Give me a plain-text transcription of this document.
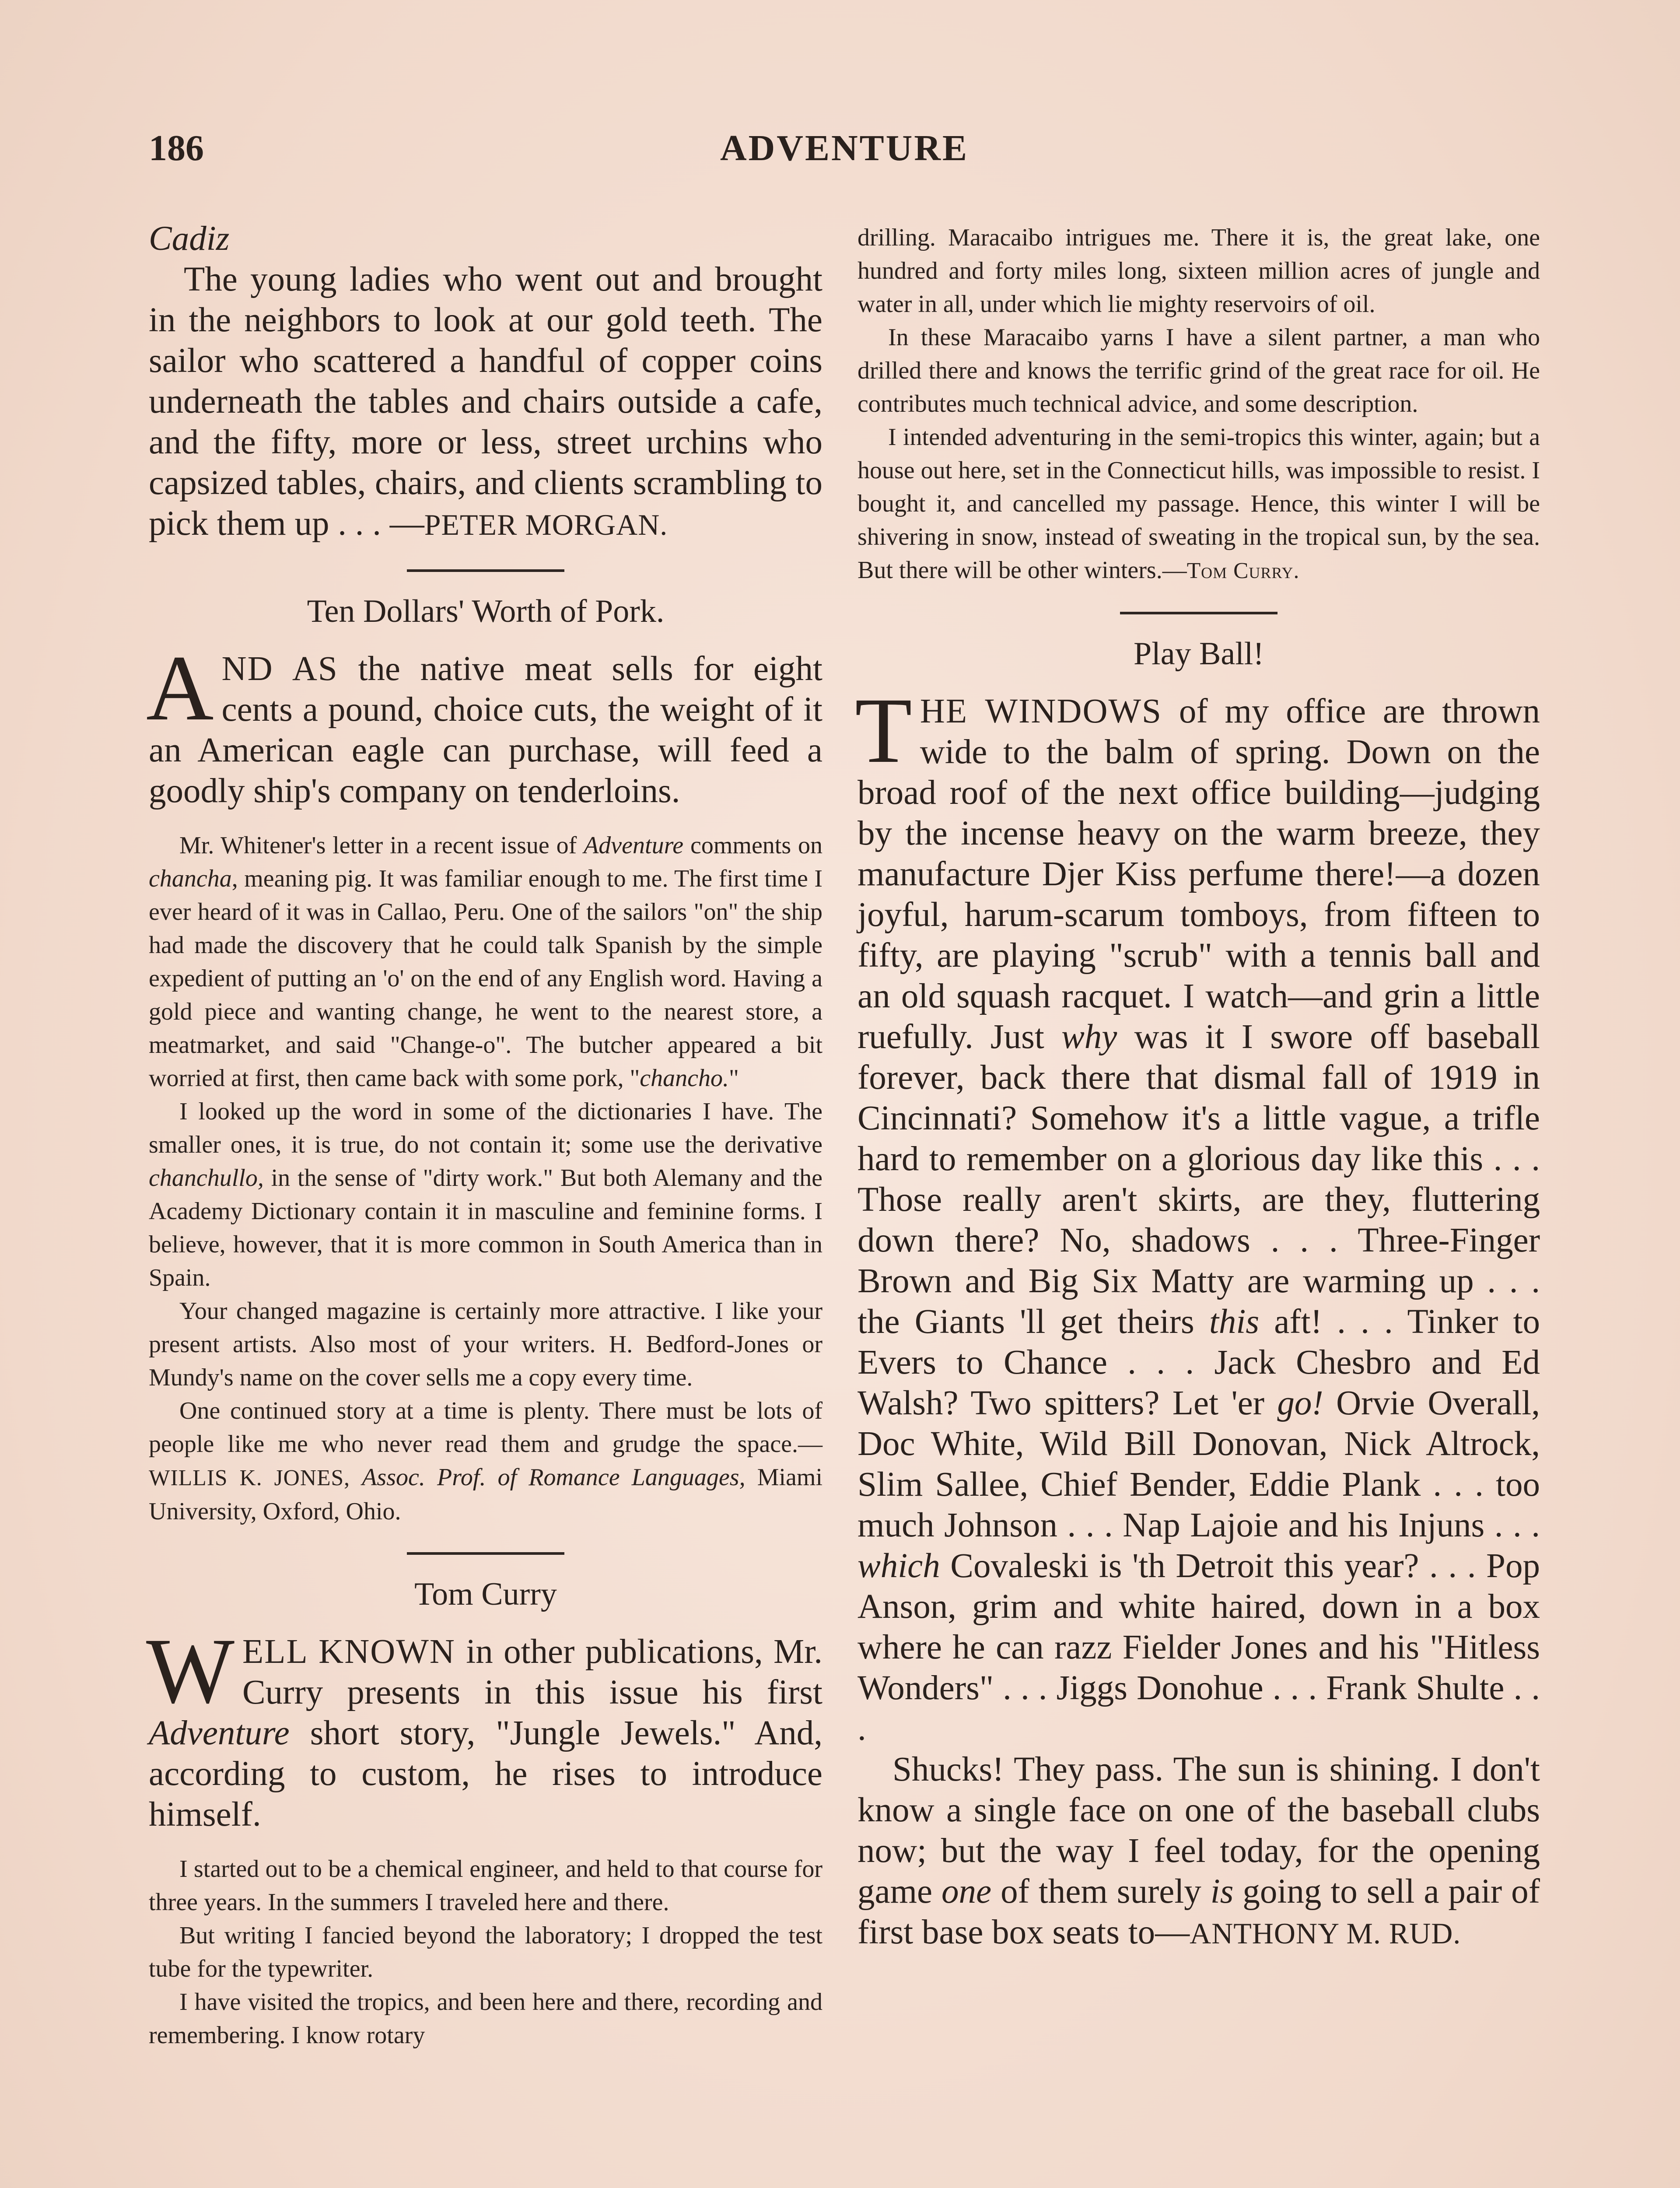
186	ADVENTURE

Cadiz

The young ladies who went out and brought in the neighbors to look at our gold teeth. The sailor who scattered a handful of copper coins underneath the tables and chairs outside a cafe, and the fifty, more or less, street urchins who capsized tables, chairs, and clients scrambling to pick them up . . . —PETER MORGAN.

Ten Dollars' Worth of Pork.

AND AS the native meat sells for eight cents a pound, choice cuts, the weight of it an American eagle can purchase, will feed a goodly ship's company on tenderloins.

Mr. Whitener's letter in a recent issue of Adventure comments on chancha, meaning pig. It was familiar enough to me. The first time I ever heard of it was in Callao, Peru. One of the sailors "on" the ship had made the discovery that he could talk Spanish by the simple expedient of putting an 'o' on the end of any English word. Having a gold piece and wanting change, he went to the nearest store, a meatmarket, and said "Change-o". The butcher appeared a bit worried at first, then came back with some pork, "chancho."

I looked up the word in some of the dictionaries I have. The smaller ones, it is true, do not contain it; some use the derivative chanchullo, in the sense of "dirty work." But both Alemany and the Academy Dictionary contain it in masculine and feminine forms. I believe, however, that it is more common in South America than in Spain.

Your changed magazine is certainly more attractive. I like your present artists. Also most of your writers. H. Bedford-Jones or Mundy's name on the cover sells me a copy every time.

One continued story at a time is plenty. There must be lots of people like me who never read them and grudge the space.—WILLIS K. JONES, Assoc. Prof. of Romance Languages, Miami University, Oxford, Ohio.

Tom Curry

WELL KNOWN in other publications, Mr. Curry presents in this issue his first Adventure short story, "Jungle Jewels." And, according to custom, he rises to introduce himself.

I started out to be a chemical engineer, and held to that course for three years. In the summers I traveled here and there.

But writing I fancied beyond the laboratory; I dropped the test tube for the typewriter.

I have visited the tropics, and been here and there, recording and remembering. I know rotary

drilling. Maracaibo intrigues me. There it is, the great lake, one hundred and forty miles long, sixteen million acres of jungle and water in all, under which lie mighty reservoirs of oil.

In these Maracaibo yarns I have a silent partner, a man who drilled there and knows the terrific grind of the great race for oil. He contributes much technical advice, and some description.

I intended adventuring in the semi-tropics this winter, again; but a house out here, set in the Connecticut hills, was impossible to resist. I bought it, and cancelled my passage. Hence, this winter I will be shivering in snow, instead of sweating in the tropical sun, by the sea. But there will be other winters.—Tom Curry.

Play Ball!

THE WINDOWS of my office are thrown wide to the balm of spring. Down on the broad roof of the next office building—judging by the incense heavy on the warm breeze, they manufacture Djer Kiss perfume there!—a dozen joyful, harum-scarum tomboys, from fifteen to fifty, are playing "scrub" with a tennis ball and an old squash racquet. I watch—and grin a little ruefully. Just why was it I swore off baseball forever, back there that dismal fall of 1919 in Cincinnati? Somehow it's a little vague, a trifle hard to remember on a glorious day like this . . . Those really aren't skirts, are they, fluttering down there? No, shadows . . . Three-Finger Brown and Big Six Matty are warming up . . . the Giants 'll get theirs this aft! . . . Tinker to Evers to Chance . . . Jack Chesbro and Ed Walsh? Two spitters? Let 'er go! Orvie Overall, Doc White, Wild Bill Donovan, Nick Altrock, Slim Sallee, Chief Bender, Eddie Plank . . . too much Johnson . . . Nap Lajoie and his Injuns . . . which Covaleski is 'th Detroit this year? . . . Pop Anson, grim and white haired, down in a box where he can razz Fielder Jones and his "Hitless Wonders" . . . Jiggs Donohue . . . Frank Shulte . . .

Shucks! They pass. The sun is shining. I don't know a single face on one of the baseball clubs now; but the way I feel today, for the opening game one of them surely is going to sell a pair of first base box seats to—ANTHONY M. RUD.
